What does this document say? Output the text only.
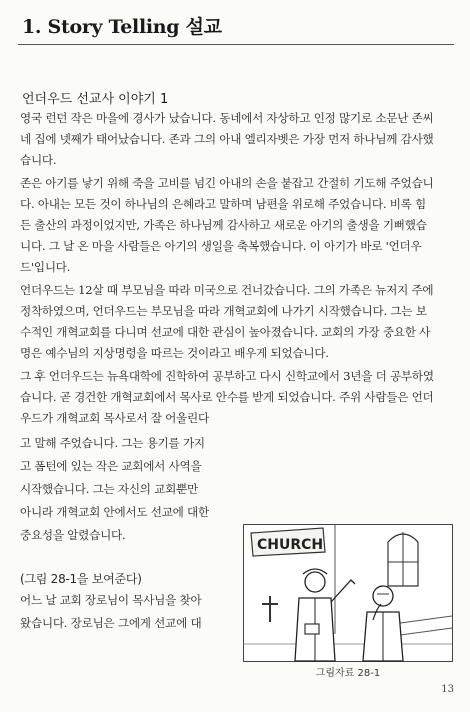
1. Story Telling 설교
언더우드 선교사 이야기 1
영국 런던 작은 마을에 경사가 났습니다. 동네에서 자상하고 인정 많기로 소문난 존씨
네 집에 넷째가 태어났습니다. 존과 그의 아내 엘리자벳은 가장 먼저 하나님께 감사했
습니다.
존은 아기를 낳기 위해 죽을 고비를 넘긴 아내의 손을 붙잡고 간절히 기도해 주었습니
다. 아내는 모든 것이 하나님의 은혜라고 말하며 남편을 위로해 주었습니다. 비록 힘
든 출산의 과정이었지만, 가족은 하나님께 감사하고 새로운 아기의 출생을 기뻐했습
니다. 그 날 온 마을 사람들은 아기의 생일을 축복했습니다. 이 아기가 바로 '언더우
드'입니다.
언더우드는 12살 때 부모님을 따라 미국으로 건너갔습니다. 그의 가족은 뉴저지 주에
정착하였으며, 언더우드는 부모님을 따라 개혁교회에 나가기 시작했습니다. 그는 보
수적인 개혁교회를 다니며 선교에 대한 관심이 높아졌습니다. 교회의 가장 중요한 사
명은 예수님의 지상명령을 따르는 것이라고 배우게 되었습니다.
그 후 언더우드는 뉴욕대학에 진학하여 공부하고 다시 신학교에서 3년을 더 공부하였
습니다. 곧 경건한 개혁교회에서 목사로 안수를 받게 되었습니다. 주위 사람들은 언더
우드가 개혁교회 목사로서 잘 어울린다
고 말해 주었습니다. 그는 용기를 가지
고 폼턴에 있는 작은 교회에서 사역을
시작했습니다. 그는 자신의 교회뿐만
아니라 개혁교회 안에서도 선교에 대한
중요성을 알렸습니다.
(그림 28-1을 보여준다)
어느 날 교회 장로님이 목사님을 찾아
왔습니다. 장로님은 그에게 선교에 대
CHURCH
그림자료 28-1
13
